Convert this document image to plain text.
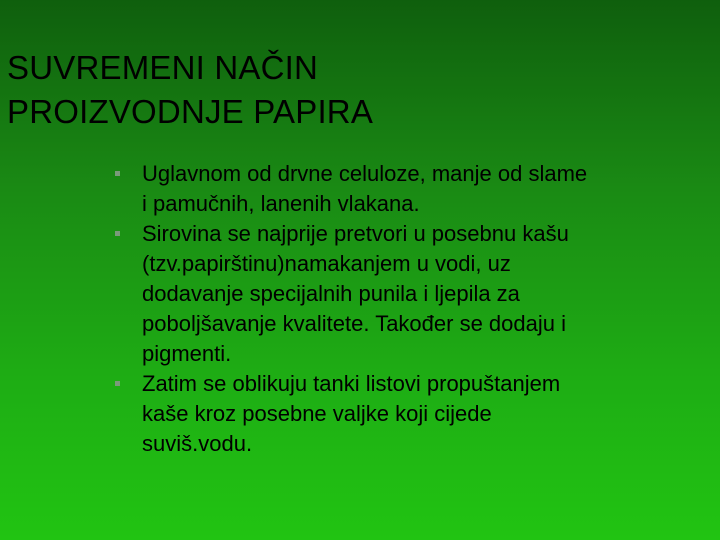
SUVREMENI NAČIN
PROIZVODNJE PAPIRA
Uglavnom od drvne celuloze, manje od slame
i pamučnih, lanenih vlakana.
Sirovina se najprije pretvori u posebnu kašu
(tzv.papirštinu)namakanjem u vodi, uz
dodavanje specijalnih punila i ljepila za
poboljšavanje kvalitete. Također se dodaju i
pigmenti.
Zatim se oblikuju tanki listovi propuštanjem
kaše kroz posebne valjke koji cijede
suviš.vodu.
